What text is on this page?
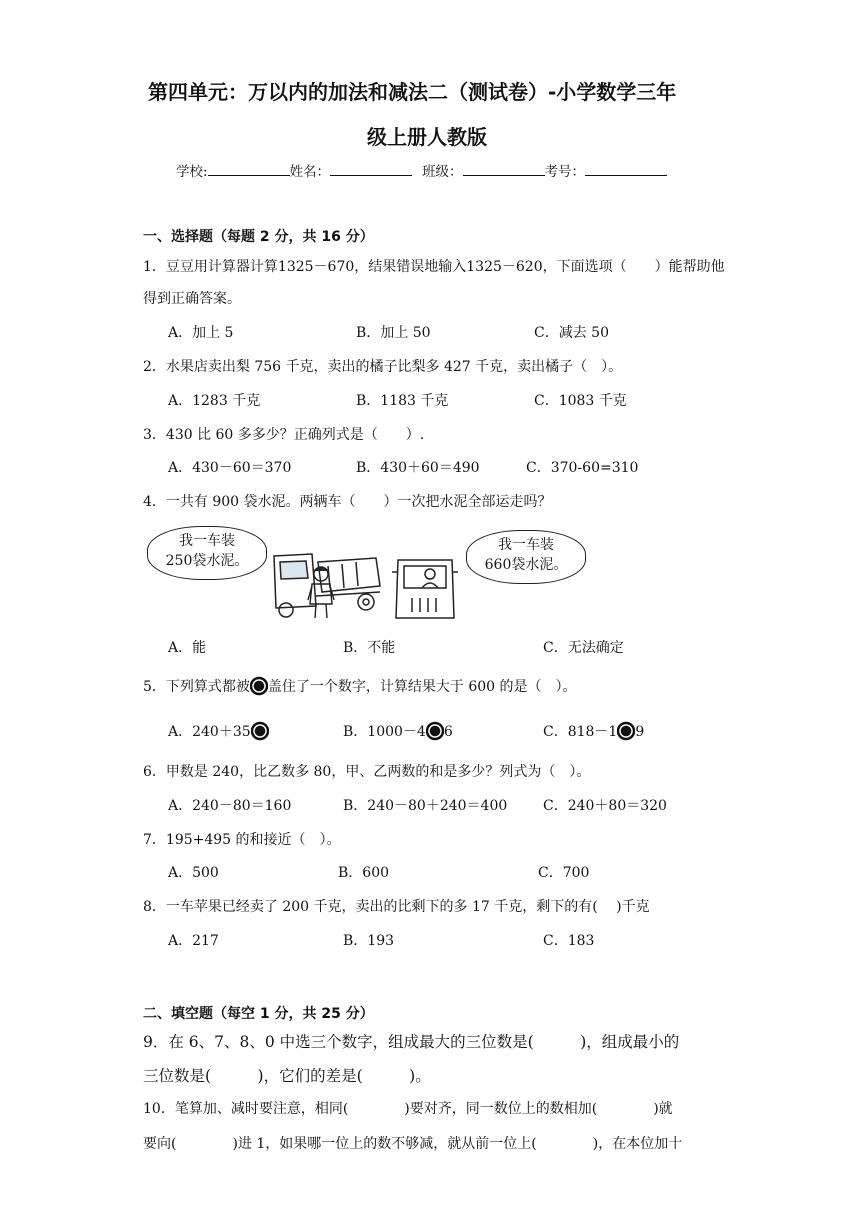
第四单元：万以内的加法和减法二（测试卷）-小学数学三年
级上册人教版
学校:	姓名：	班级：	考号：
一、选择题（每题 2 分，共 16 分）
1．豆豆用计算器计算1325－670，结果错误地输入1325－620，下面选项（　　）能帮助他
得到正确答案。
A．加上 5	B．加上 50	C．减去 50
2．水果店卖出梨 756 千克，卖出的橘子比梨多 427 千克，卖出橘子（　）。
A．1283 千克	B．1183 千克	C．1083 千克
3．430 比 60 多多少？正确列式是（　　）.
A．430－60＝370	B．430＋60＝490	C．370-60=310
4．一共有 900 袋水泥。两辆车（　　）一次把水泥全部运走吗？
我一车装
250袋水泥。
我一车装
660袋水泥。
A．能	B．不能	C．无法确定
5．下列算式都被 盖住了一个数字，计算结果大于 600 的是（　）。
A．240＋35	B．1000－4 6	C．818－1 9
6．甲数是 240，比乙数多 80，甲、乙两数的和是多少？列式为（　）。
A．240－80＝160	B．240－80＋240＝400	C．240＋80＝320
7．195+495 的和接近（　）。
A．500	B．600	C．700
8．一车苹果已经卖了 200 千克，卖出的比剩下的多 17 千克，剩下的有(　 )千克
A．217	B．193	C．183
二、填空题（每空 1 分，共 25 分）
9．在 6、7、8、0 中选三个数字，组成最大的三位数是(　　　)，组成最小的
三位数是(　　　)，它们的差是(　　　)。
10．笔算加、减时要注意，相同(　　　　)要对齐，同一数位上的数相加(　　　　)就
要向(　　　　)进 1，如果哪一位上的数不够减，就从前一位上(　　　　)，在本位加十
